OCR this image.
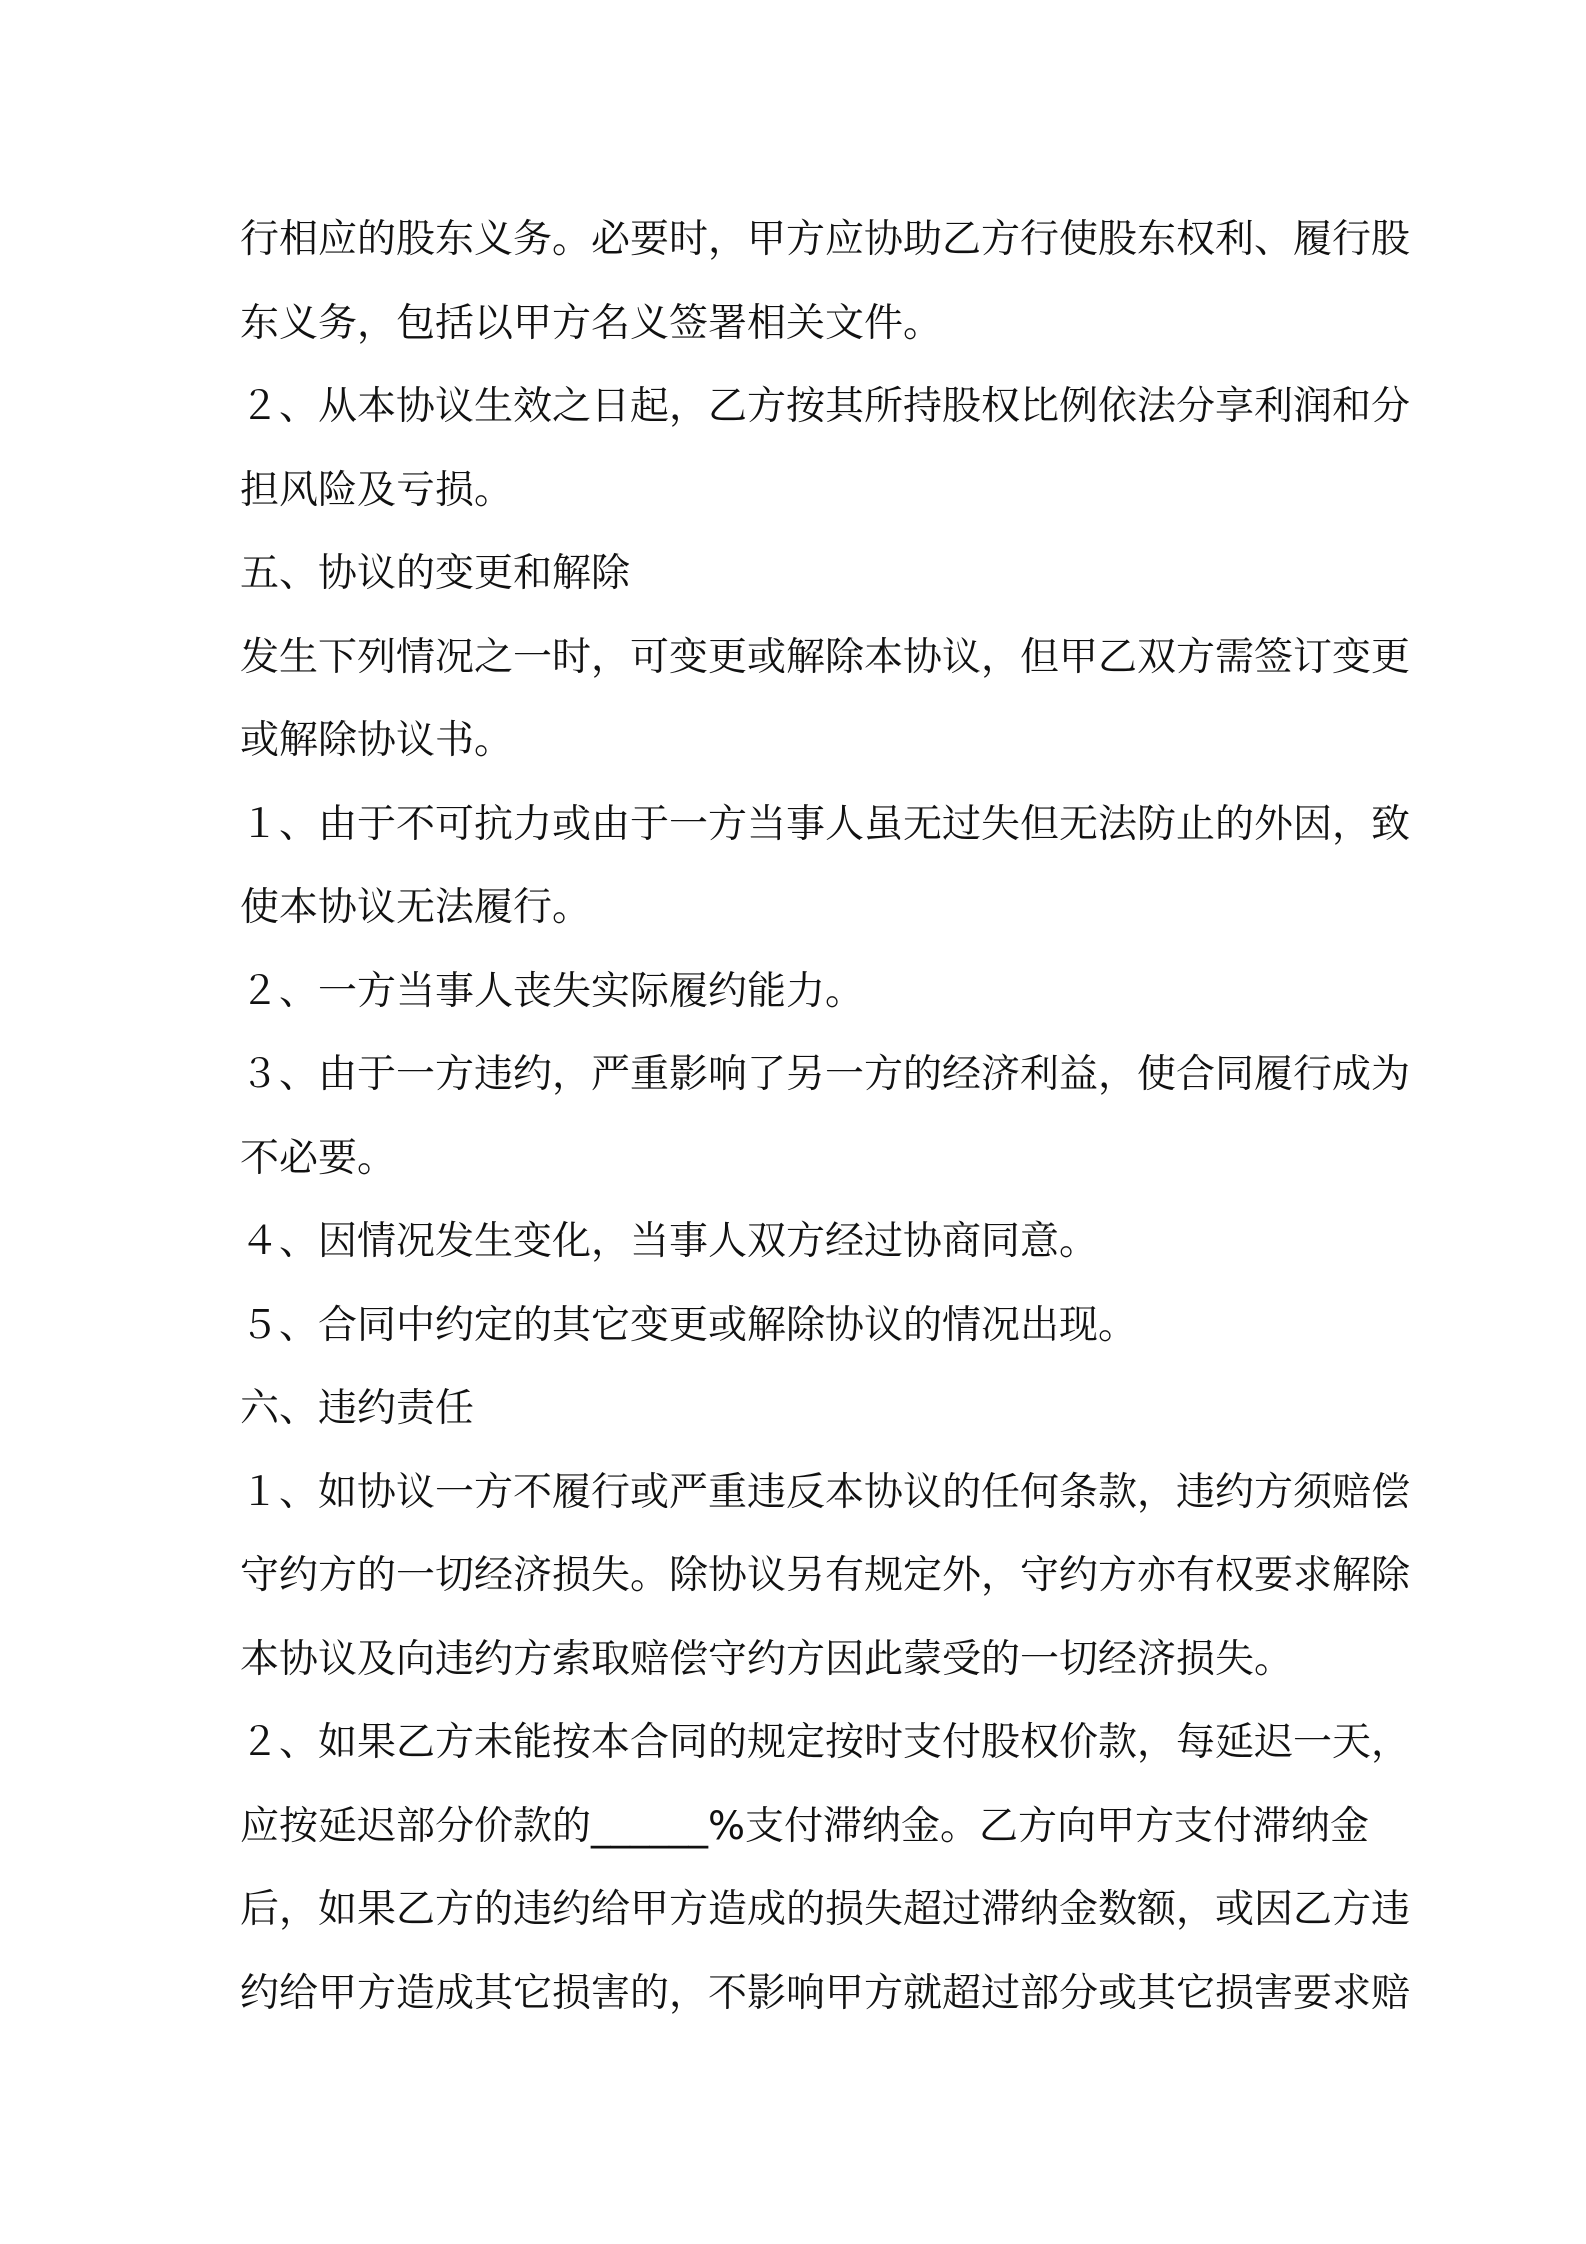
行相应的股东义务。必要时，甲方应协助乙方行使股东权利、履行股
东义务，包括以甲方名义签署相关文件。
２、从本协议生效之日起，乙方按其所持股权比例依法分享利润和分
担风险及亏损。
五、协议的变更和解除
发生下列情况之一时，可变更或解除本协议，但甲乙双方需签订变更
或解除协议书。
１、由于不可抗力或由于一方当事人虽无过失但无法防止的外因，致
使本协议无法履行。
２、一方当事人丧失实际履约能力。
３、由于一方违约，严重影响了另一方的经济利益，使合同履行成为
不必要。
４、因情况发生变化，当事人双方经过协商同意。
５、合同中约定的其它变更或解除协议的情况出现。
六、违约责任
１、如协议一方不履行或严重违反本协议的任何条款，违约方须赔偿
守约方的一切经济损失。除协议另有规定外，守约方亦有权要求解除
本协议及向违约方索取赔偿守约方因此蒙受的一切经济损失。
２、如果乙方未能按本合同的规定按时支付股权价款，每延迟一天，
应按延迟部分价款的______%支付滞纳金。乙方向甲方支付滞纳金
后，如果乙方的违约给甲方造成的损失超过滞纳金数额，或因乙方违
约给甲方造成其它损害的，不影响甲方就超过部分或其它损害要求赔
